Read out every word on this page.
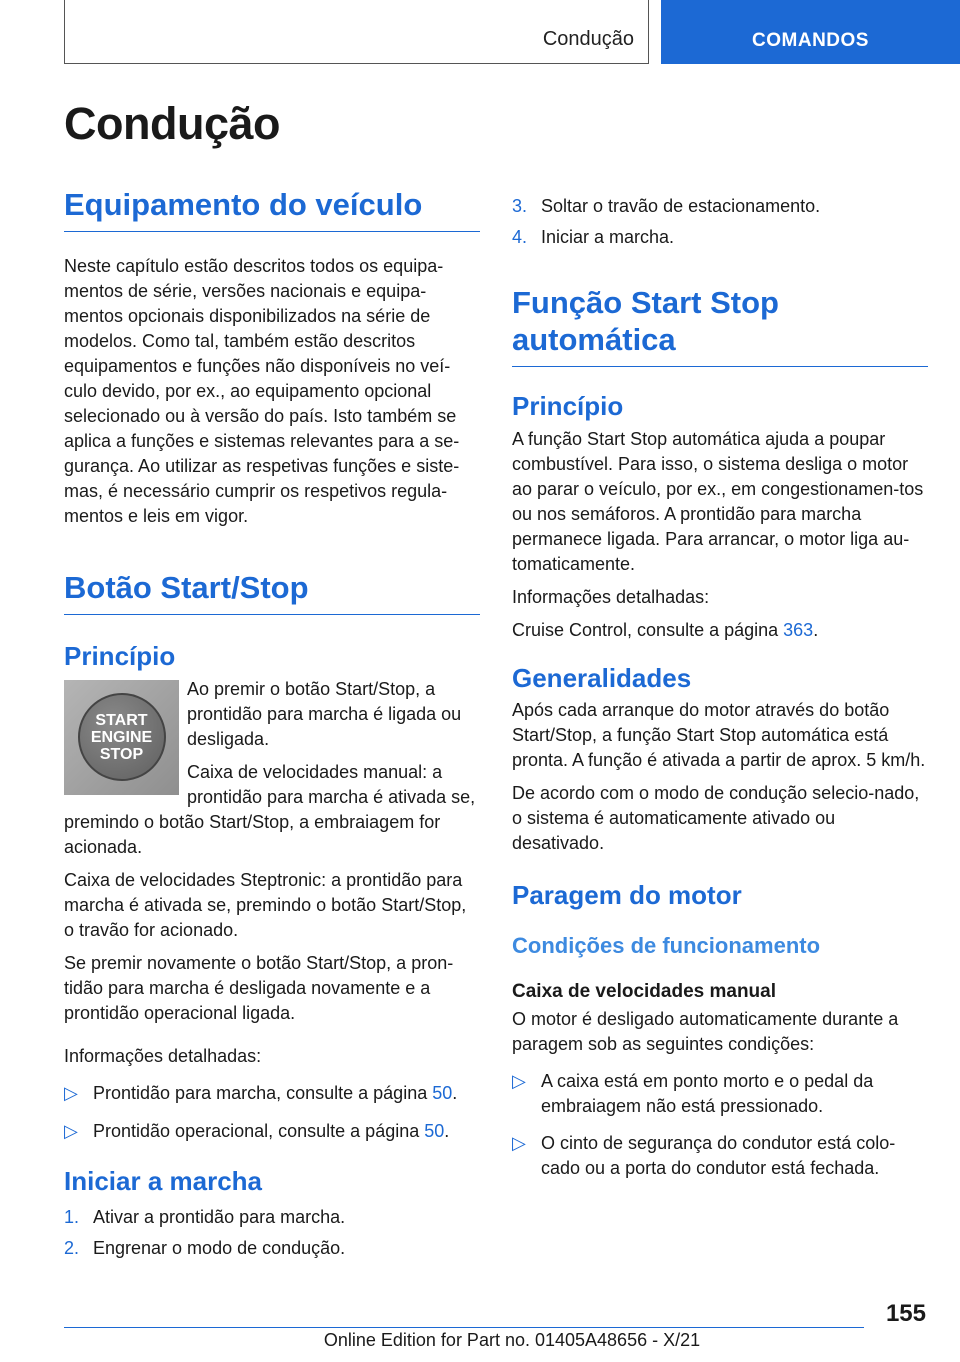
Condução	COMANDOS
Condução
Equipamento do veículo

Neste capítulo estão descritos todos os equipa-mentos de série, versões nacionais e equipa-mentos opcionais disponibilizados na série de modelos. Como tal, também estão descritos equipamentos e funções não disponíveis no veí-culo devido, por ex., ao equipamento opcional selecionado ou à versão do país. Isto também se aplica a funções e sistemas relevantes para a se-gurança. Ao utilizar as respetivas funções e siste-mas, é necessário cumprir os respetivos regula-mentos e leis em vigor.

Botão Start/Stop
Princípio
START
ENGINE
STOP

Ao premir o botão Start/Stop, a prontidão para marcha é ligada ou desligada.

Caixa de velocidades manual: a prontidão para marcha é ativada se, premindo o botão Start/Stop, a embraiagem for acionada.

Caixa de velocidades Steptronic: a prontidão para marcha é ativada se, premindo o botão Start/Stop, o travão for acionado.

Se premir novamente o botão Start/Stop, a pron-tidão para marcha é desligada novamente e a prontidão operacional ligada.

Informações detalhadas:

▷ Prontidão para marcha, consulte a página 50.
▷ Prontidão operacional, consulte a página 50.
Iniciar a marcha
1. Ativar a prontidão para marcha.
2. Engrenar o modo de condução.
3. Soltar o travão de estacionamento.
4. Iniciar a marcha.
Função Start Stop automática
Princípio

A função Start Stop automática ajuda a poupar combustível. Para isso, o sistema desliga o motor ao parar o veículo, por ex., em congestionamen-tos ou nos semáforos. A prontidão para marcha permanece ligada. Para arrancar, o motor liga au-tomaticamente.

Informações detalhadas:

Cruise Control, consulte a página 363.

Generalidades

Após cada arranque do motor através do botão Start/Stop, a função Start Stop automática está pronta. A função é ativada a partir de aprox. 5 km/h.

De acordo com o modo de condução selecio-nado, o sistema é automaticamente ativado ou desativado.

Paragem do motor
Condições de funcionamento
Caixa de velocidades manual

O motor é desligado automaticamente durante a paragem sob as seguintes condições:

▷ A caixa está em ponto morto e o pedal da embraiagem não está pressionado.
▷ O cinto de segurança do condutor está colo-cado ou a porta do condutor está fechada.
155
Online Edition for Part no. 01405A48656 - X/21
